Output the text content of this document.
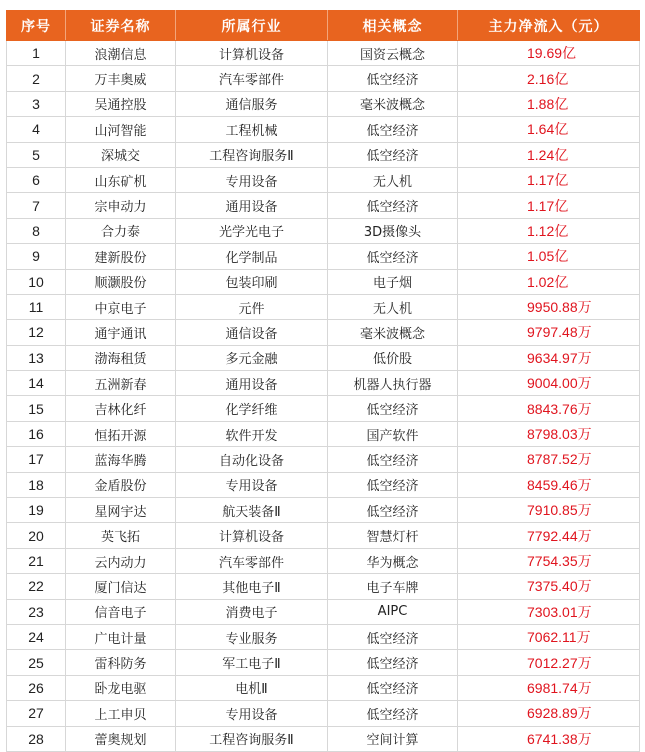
序号	证券名称	所属行业	相关概念	主力净流入（元）
1	浪潮信息	计算机设备	国资云概念	19.69亿
2	万丰奥威	汽车零部件	低空经济	2.16亿
3	吴通控股	通信服务	毫米波概念	1.88亿
4	山河智能	工程机械	低空经济	1.64亿
5	深城交	工程咨询服务Ⅱ	低空经济	1.24亿
6	山东矿机	专用设备	无人机	1.17亿
7	宗申动力	通用设备	低空经济	1.17亿
8	合力泰	光学光电子	3D摄像头	1.12亿
9	建新股份	化学制品	低空经济	1.05亿
10	顺灏股份	包装印刷	电子烟	1.02亿
11	中京电子	元件	无人机	9950.88万
12	通宇通讯	通信设备	毫米波概念	9797.48万
13	渤海租赁	多元金融	低价股	9634.97万
14	五洲新春	通用设备	机器人执行器	9004.00万
15	吉林化纤	化学纤维	低空经济	8843.76万
16	恒拓开源	软件开发	国产软件	8798.03万
17	蓝海华腾	自动化设备	低空经济	8787.52万
18	金盾股份	专用设备	低空经济	8459.46万
19	星网宇达	航天装备Ⅱ	低空经济	7910.85万
20	英飞拓	计算机设备	智慧灯杆	7792.44万
21	云内动力	汽车零部件	华为概念	7754.35万
22	厦门信达	其他电子Ⅱ	电子车牌	7375.40万
23	信音电子	消费电子	AIPC	7303.01万
24	广电计量	专业服务	低空经济	7062.11万
25	雷科防务	军工电子Ⅱ	低空经济	7012.27万
26	卧龙电驱	电机Ⅱ	低空经济	6981.74万
27	上工申贝	专用设备	低空经济	6928.89万
28	蕾奥规划	工程咨询服务Ⅱ	空间计算	6741.38万
